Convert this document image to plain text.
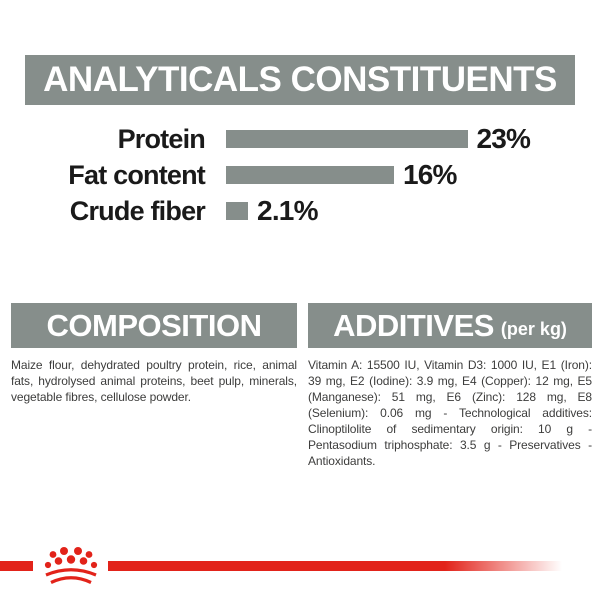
ANALYTICALS CONSTITUENTS
Protein	23%
Fat content	16%
Crude fiber 2.1%
COMPOSITION
Maize flour, dehydrated poultry protein, rice, animal fats, hydrolysed animal proteins, beet pulp, minerals, vegetable fibres, cellulose powder.
ADDITIVES (per kg)
Vitamin A: 15500 IU, Vitamin D3: 1000 IU, E1 (Iron): 39 mg, E2 (Iodine): 3.9 mg, E4 (Copper): 12 mg, E5 (Manganese): 51 mg, E6 (Zinc): 128 mg, E8 (Selenium): 0.06 mg - Technological additives: Clinoptilolite of sedimentary origin: 10 g - Pentasodium triphosphate: 3.5 g - Preservatives - Antioxidants.
